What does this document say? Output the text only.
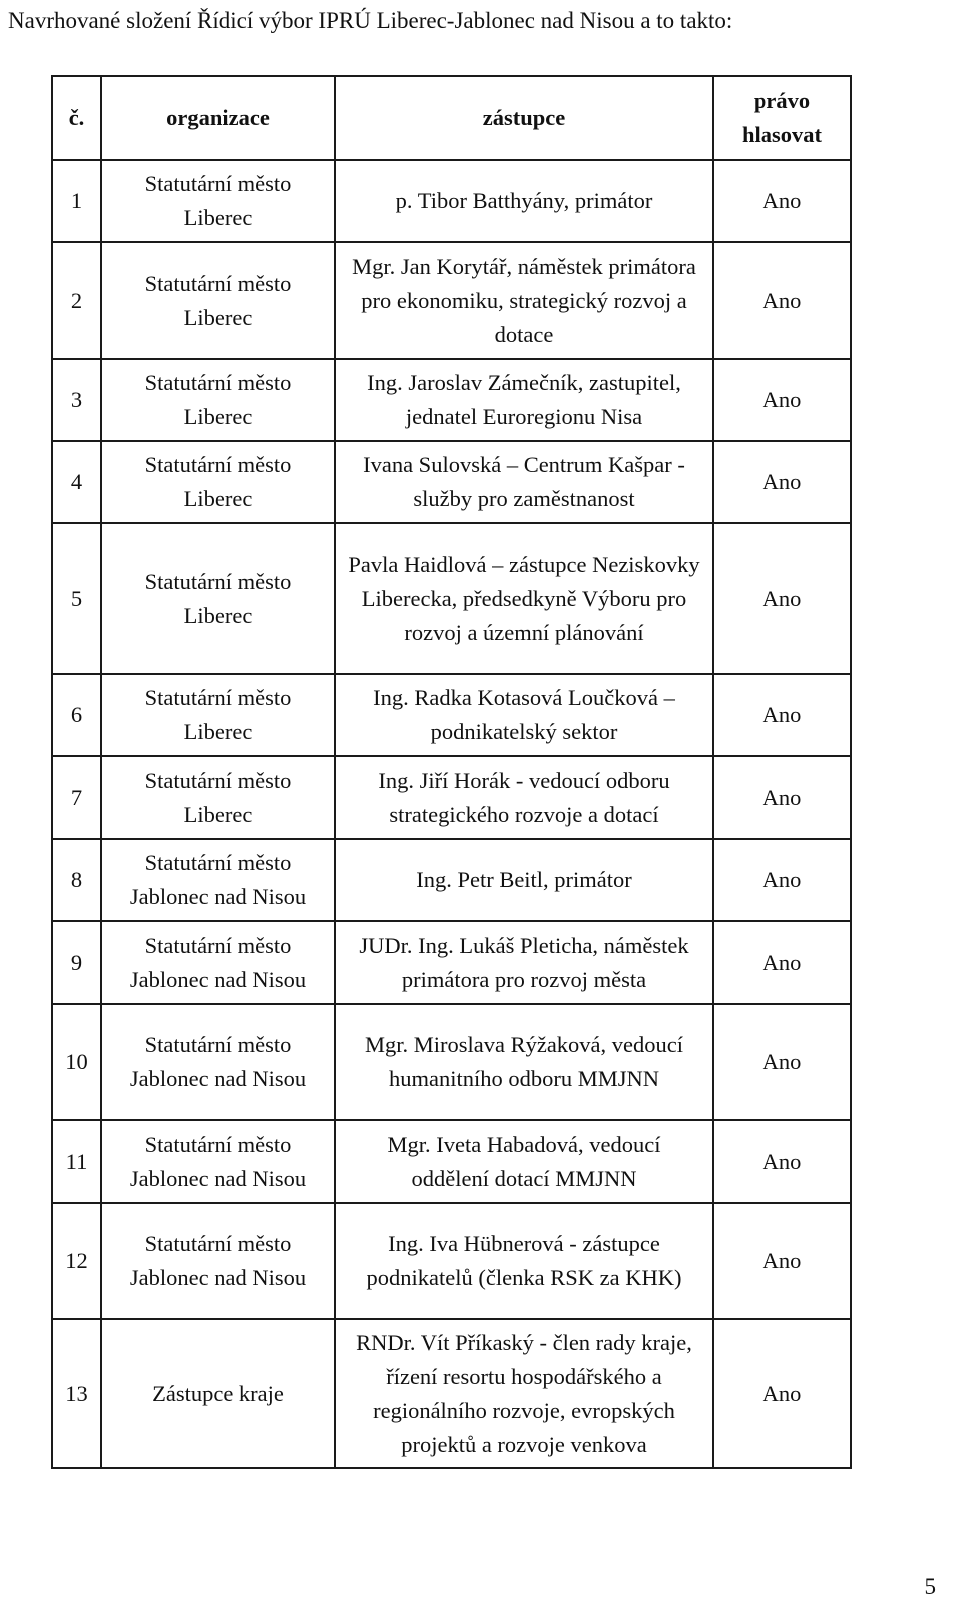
Navrhované složení Řídicí výbor IPRÚ Liberec-Jablonec nad Nisou a to takto:
č.	organizace	zástupce	právo hlasovat
1	Statutární město Liberec	p. Tibor Batthyány, primátor	Ano
2	Statutární město Liberec	Mgr. Jan Korytář, náměstek primátora pro ekonomiku, strategický rozvoj a dotace	Ano
3	Statutární město Liberec	Ing. Jaroslav Zámečník, zastupitel, jednatel Euroregionu Nisa	Ano
4	Statutární město Liberec	Ivana Sulovská – Centrum Kašpar - služby pro zaměstnanost	Ano
5	Statutární město Liberec	Pavla Haidlová – zástupce Neziskovky Liberecka, předsedkyně Výboru pro rozvoj a územní plánování	Ano
6	Statutární město Liberec	Ing. Radka Kotasová Loučková – podnikatelský sektor	Ano
7	Statutární město Liberec	Ing. Jiří Horák - vedoucí odboru strategického rozvoje a dotací	Ano
8	Statutární město Jablonec nad Nisou	Ing. Petr Beitl, primátor	Ano
9	Statutární město Jablonec nad Nisou	JUDr. Ing. Lukáš Pleticha, náměstek primátora pro rozvoj města	Ano
10	Statutární město Jablonec nad Nisou	Mgr. Miroslava Rýžaková, vedoucí humanitního odboru MMJNN	Ano
11	Statutární město Jablonec nad Nisou	Mgr. Iveta Habadová, vedoucí oddělení dotací MMJNN	Ano
12	Statutární město Jablonec nad Nisou	Ing. Iva Hübnerová - zástupce podnikatelů (členka RSK za KHK)	Ano
13	Zástupce kraje	RNDr. Vít Příkaský - člen rady kraje, řízení resortu hospodářského a regionálního rozvoje, evropských projektů a rozvoje venkova	Ano
5
